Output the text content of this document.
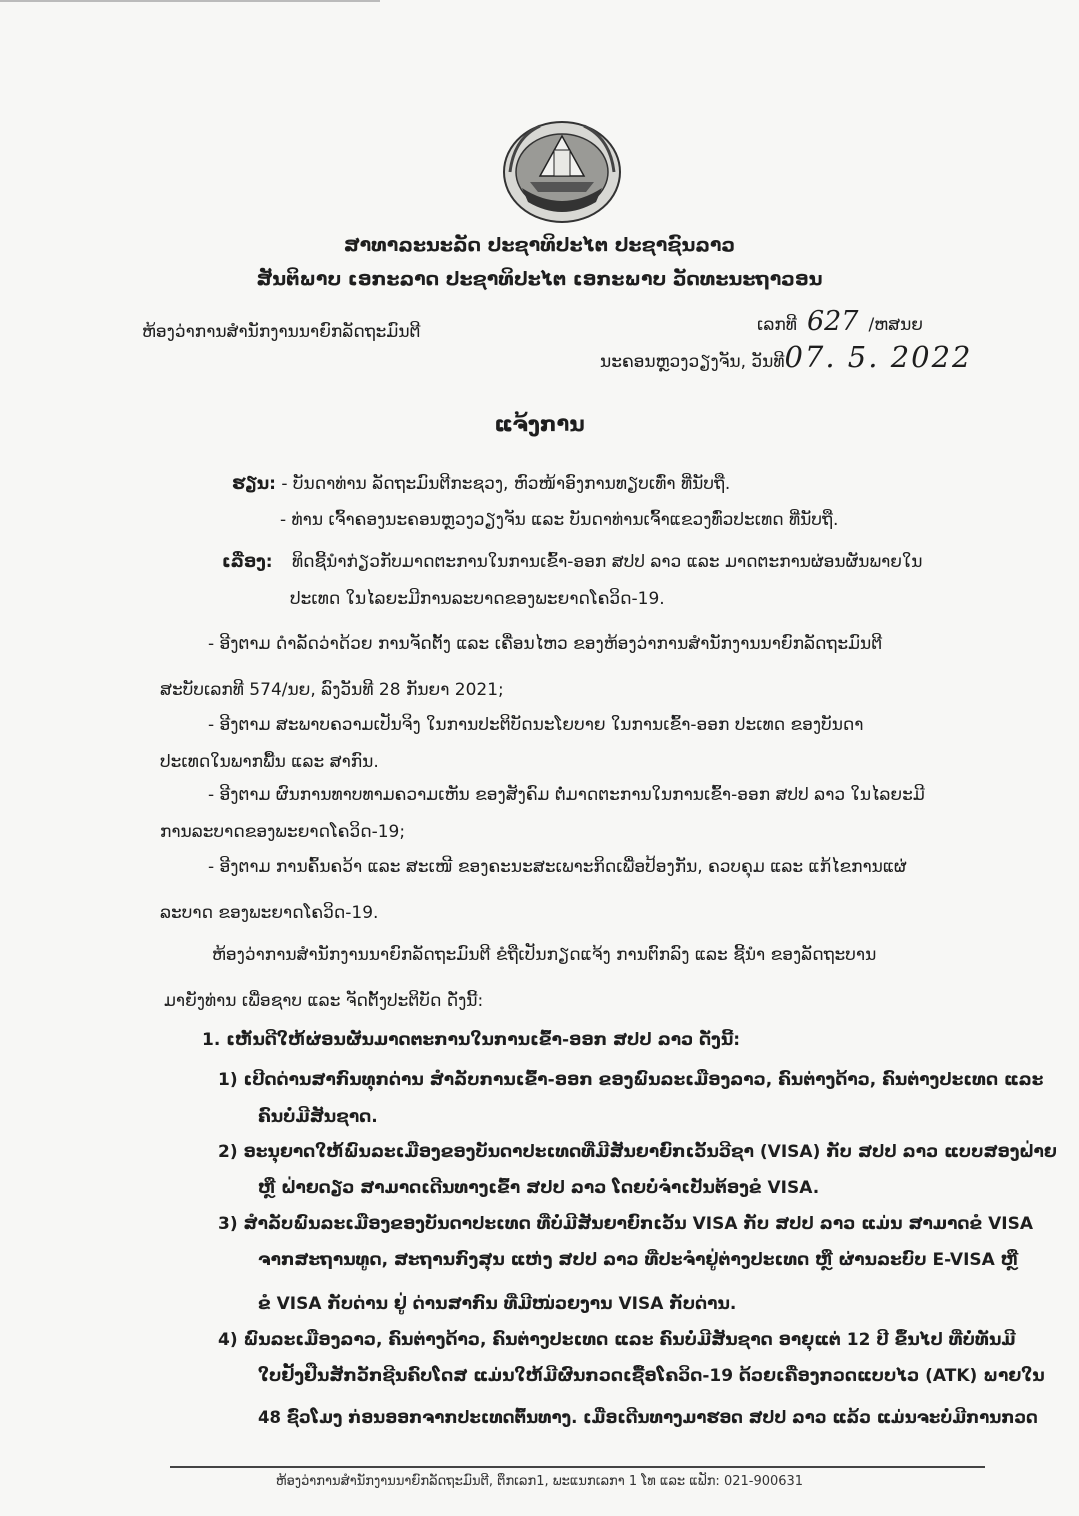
ສາທາລະນະລັດ ປະຊາທິປະໄຕ ປະຊາຊົນລາວ
ສັນຕິພາບ ເອກະລາດ ປະຊາທິປະໄຕ ເອກະພາບ ວັດທະນະຖາວອນ
ຫ້ອງວ່າການສໍານັກງານນາຍົກລັດຖະມົນຕີ	ເລກທີ 627 /ຫສນຍ
ນະຄອນຫຼວງວຽງຈັນ, ວັນທີ07. 5. 2022
ແຈ້ງການ
ຮຽນ: - ບັນດາທ່ານ ລັດຖະມົນຕີກະຊວງ, ຫົວໜ້າອົງການທຽບເທົ່າ ທີ່ນັບຖື.
- ທ່ານ ເຈົ້າຄອງນະຄອນຫຼວງວຽງຈັນ ແລະ ບັນດາທ່ານເຈົ້າແຂວງທົ່ວປະເທດ ທີ່ນັບຖື.
ເລື່ອງ: ທິດຊີ້ນໍາກ່ຽວກັບມາດຕະການໃນການເຂົ້າ-ອອກ ສປປ ລາວ ແລະ ມາດຕະການຜ່ອນຜັນພາຍໃນ
ປະເທດ ໃນໄລຍະມີການລະບາດຂອງພະຍາດໂຄວິດ-19.
- ອີງຕາມ ດໍາລັດວ່າດ້ວຍ ການຈັດຕັ້ງ ແລະ ເຄື່ອນໄຫວ ຂອງຫ້ອງວ່າການສໍານັກງານນາຍົກລັດຖະມົນຕີ
ສະບັບເລກທີ 574/ນຍ, ລົງວັນທີ 28 ກັນຍາ 2021;
- ອີງຕາມ ສະພາບຄວາມເປັນຈິງ ໃນການປະຕິບັດນະໂຍບາຍ ໃນການເຂົ້າ-ອອກ ປະເທດ ຂອງບັນດາ
ປະເທດໃນພາກພື້ນ ແລະ ສາກົນ.
- ອີງຕາມ ຜົນການທາບທາມຄວາມເຫັນ ຂອງສັງຄົມ ຕໍ່ມາດຕະການໃນການເຂົ້າ-ອອກ ສປປ ລາວ ໃນໄລຍະມີ
ການລະບາດຂອງພະຍາດໂຄວິດ-19;
- ອີງຕາມ ການຄົ້ນຄວ້າ ແລະ ສະເໜີ ຂອງຄະນະສະເພາະກິດເພື່ອປ້ອງກັນ, ຄວບຄຸມ ແລະ ແກ້ໄຂການແຜ່
ລະບາດ ຂອງພະຍາດໂຄວິດ-19.
ຫ້ອງວ່າການສໍານັກງານນາຍົກລັດຖະມົນຕີ ຂໍຖືເປັນກຽດແຈ້ງ ການຕົກລົງ ແລະ ຊີ້ນໍາ ຂອງລັດຖະບານ
ມາຍັງທ່ານ ເພື່ອຊາບ ແລະ ຈັດຕັ້ງປະຕິບັດ ດັ່ງນີ້:
1. ເຫັນດີໃຫ້ຜ່ອນຜັນມາດຕະການໃນການເຂົ້າ-ອອກ ສປປ ລາວ ດັ່ງນີ້:
1) ເປີດດ່ານສາກົນທຸກດ່ານ ສໍາລັບການເຂົ້າ-ອອກ ຂອງພົນລະເມືອງລາວ, ຄົນຕ່າງດ້າວ, ຄົນຕ່າງປະເທດ ແລະ
ຄົນບໍ່ມີສັນຊາດ.
2) ອະນຸຍາດໃຫ້ພົນລະເມືອງຂອງບັນດາປະເທດທີ່ມີສັນຍາຍົກເວັ້ນວີຊາ (VISA) ກັບ ສປປ ລາວ ແບບສອງຝ່າຍ
ຫຼື ຝ່າຍດຽວ ສາມາດເດີນທາງເຂົ້າ ສປປ ລາວ ໂດຍບໍ່ຈໍາເປັນຕ້ອງຂໍ VISA.
3) ສໍາລັບພົນລະເມືອງຂອງບັນດາປະເທດ ທີ່ບໍ່ມີສັນຍາຍົກເວັ້ນ VISA ກັບ ສປປ ລາວ ແມ່ນ ສາມາດຂໍ VISA
ຈາກສະຖານທູດ, ສະຖານກົງສຸນ ແຫ່ງ ສປປ ລາວ ທີ່ປະຈໍາຢູ່ຕ່າງປະເທດ ຫຼື ຜ່ານລະບົບ E-VISA ຫຼື
ຂໍ VISA ກັບດ່ານ ຢູ່ ດ່ານສາກົນ ທີ່ມີໜ່ວຍງານ VISA ກັບດ່ານ.
4) ພົນລະເມືອງລາວ, ຄົນຕ່າງດ້າວ, ຄົນຕ່າງປະເທດ ແລະ ຄົນບໍ່ມີສັນຊາດ ອາຍຸແຕ່ 12 ປີ ຂຶ້ນໄປ ທີ່ບໍ່ທັນມີ
ໃບຢັ້ງຢືນສັກວັກຊີນຄົບໂດສ ແມ່ນໃຫ້ມີຜົນກວດເຊື້ອໂຄວິດ-19 ດ້ວຍເຄື່ອງກວດແບບໄວ (ATK) ພາຍໃນ
48 ຊົ່ວໂມງ ກ່ອນອອກຈາກປະເທດຕົ້ນທາງ. ເມື່ອເດີນທາງມາຮອດ ສປປ ລາວ ແລ້ວ ແມ່ນຈະບໍ່ມີການກວດ
ຫ້ອງວ່າການສໍານັກງານນາຍົກລັດຖະມົນຕີ, ຕຶກເລກ1, ພະແນກເລກາ 1 ໂທ ແລະ ແຟັກ: 021-900631
